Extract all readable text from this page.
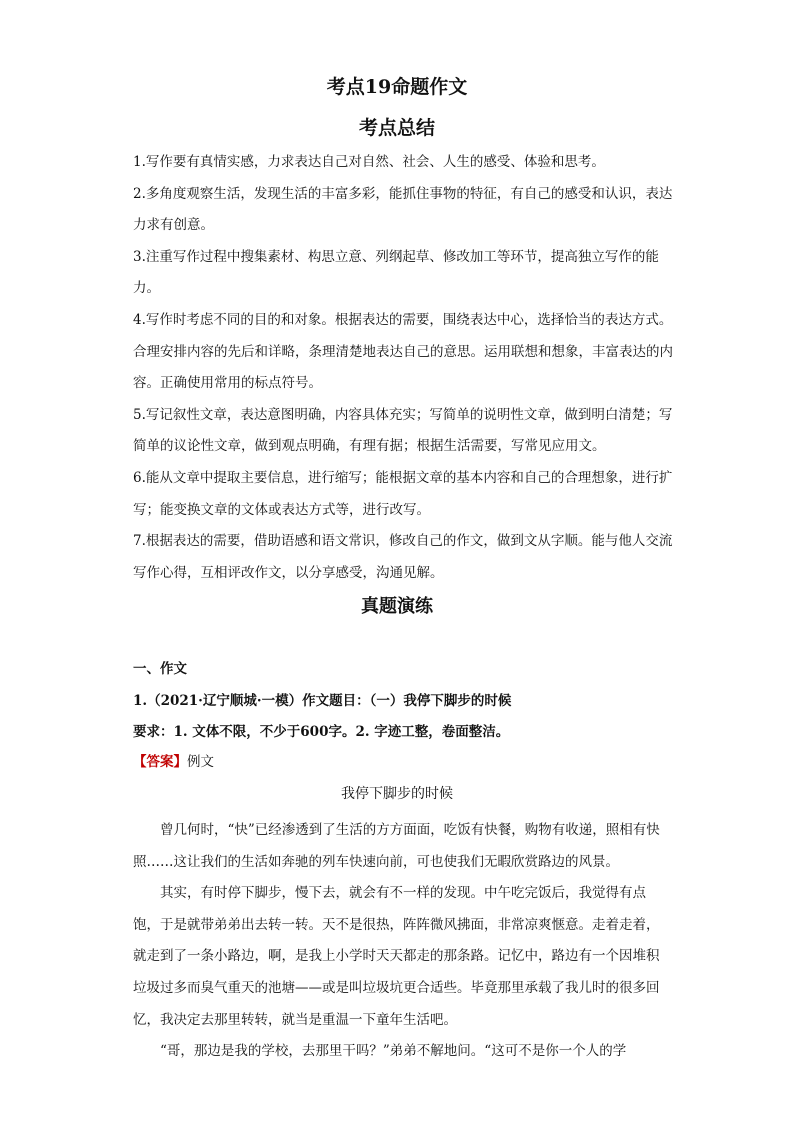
考点19命题作文
考点总结

1.写作要有真情实感，力求表达自己对自然、社会、人生的感受、体验和思考。

2.多角度观察生活，发现生活的丰富多彩，能抓住事物的特征，有自己的感受和认识，表达力求有创意。

3.注重写作过程中搜集素材、构思立意、列纲起草、修改加工等环节，提高独立写作的能力。

4.写作时考虑不同的目的和对象。根据表达的需要，围绕表达中心，选择恰当的表达方式。合理安排内容的先后和详略，条理清楚地表达自己的意思。运用联想和想象，丰富表达的内容。正确使用常用的标点符号。

5.写记叙性文章，表达意图明确，内容具体充实；写简单的说明性文章，做到明白清楚；写简单的议论性文章，做到观点明确，有理有据；根据生活需要，写常见应用文。

6.能从文章中提取主要信息，进行缩写；能根据文章的基本内容和自己的合理想象，进行扩写；能变换文章的文体或表达方式等，进行改写。

7.根据表达的需要，借助语感和语文常识，修改自己的作文，做到文从字顺。能与他人交流写作心得，互相评改作文，以分享感受，沟通见解。

真题演练
一、作文
1.（2021·辽宁顺城·一模）作文题目：（一）我停下脚步的时候
要求：1. 文体不限，不少于600字。2. 字迹工整，卷面整洁。
【答案】例文
我停下脚步的时候

曾几何时，“快”已经渗透到了生活的方方面面，吃饭有快餐，购物有收递，照相有快照……这让我们的生活如奔驰的列车快速向前，可也使我们无暇欣赏路边的风景。

其实，有时停下脚步，慢下去，就会有不一样的发现。中午吃完饭后，我觉得有点饱，于是就带弟弟出去转一转。天不是很热，阵阵微风拂面，非常凉爽惬意。走着走着，就走到了一条小路边，啊，是我上小学时天天都走的那条路。记忆中，路边有一个因堆积垃圾过多而臭气重天的池塘——或是叫垃圾坑更合适些。毕竟那里承载了我儿时的很多回忆，我决定去那里转转，就当是重温一下童年生活吧。

“哥，那边是我的学校，去那里干吗？”弟弟不解地问。“这可不是你一个人的学
